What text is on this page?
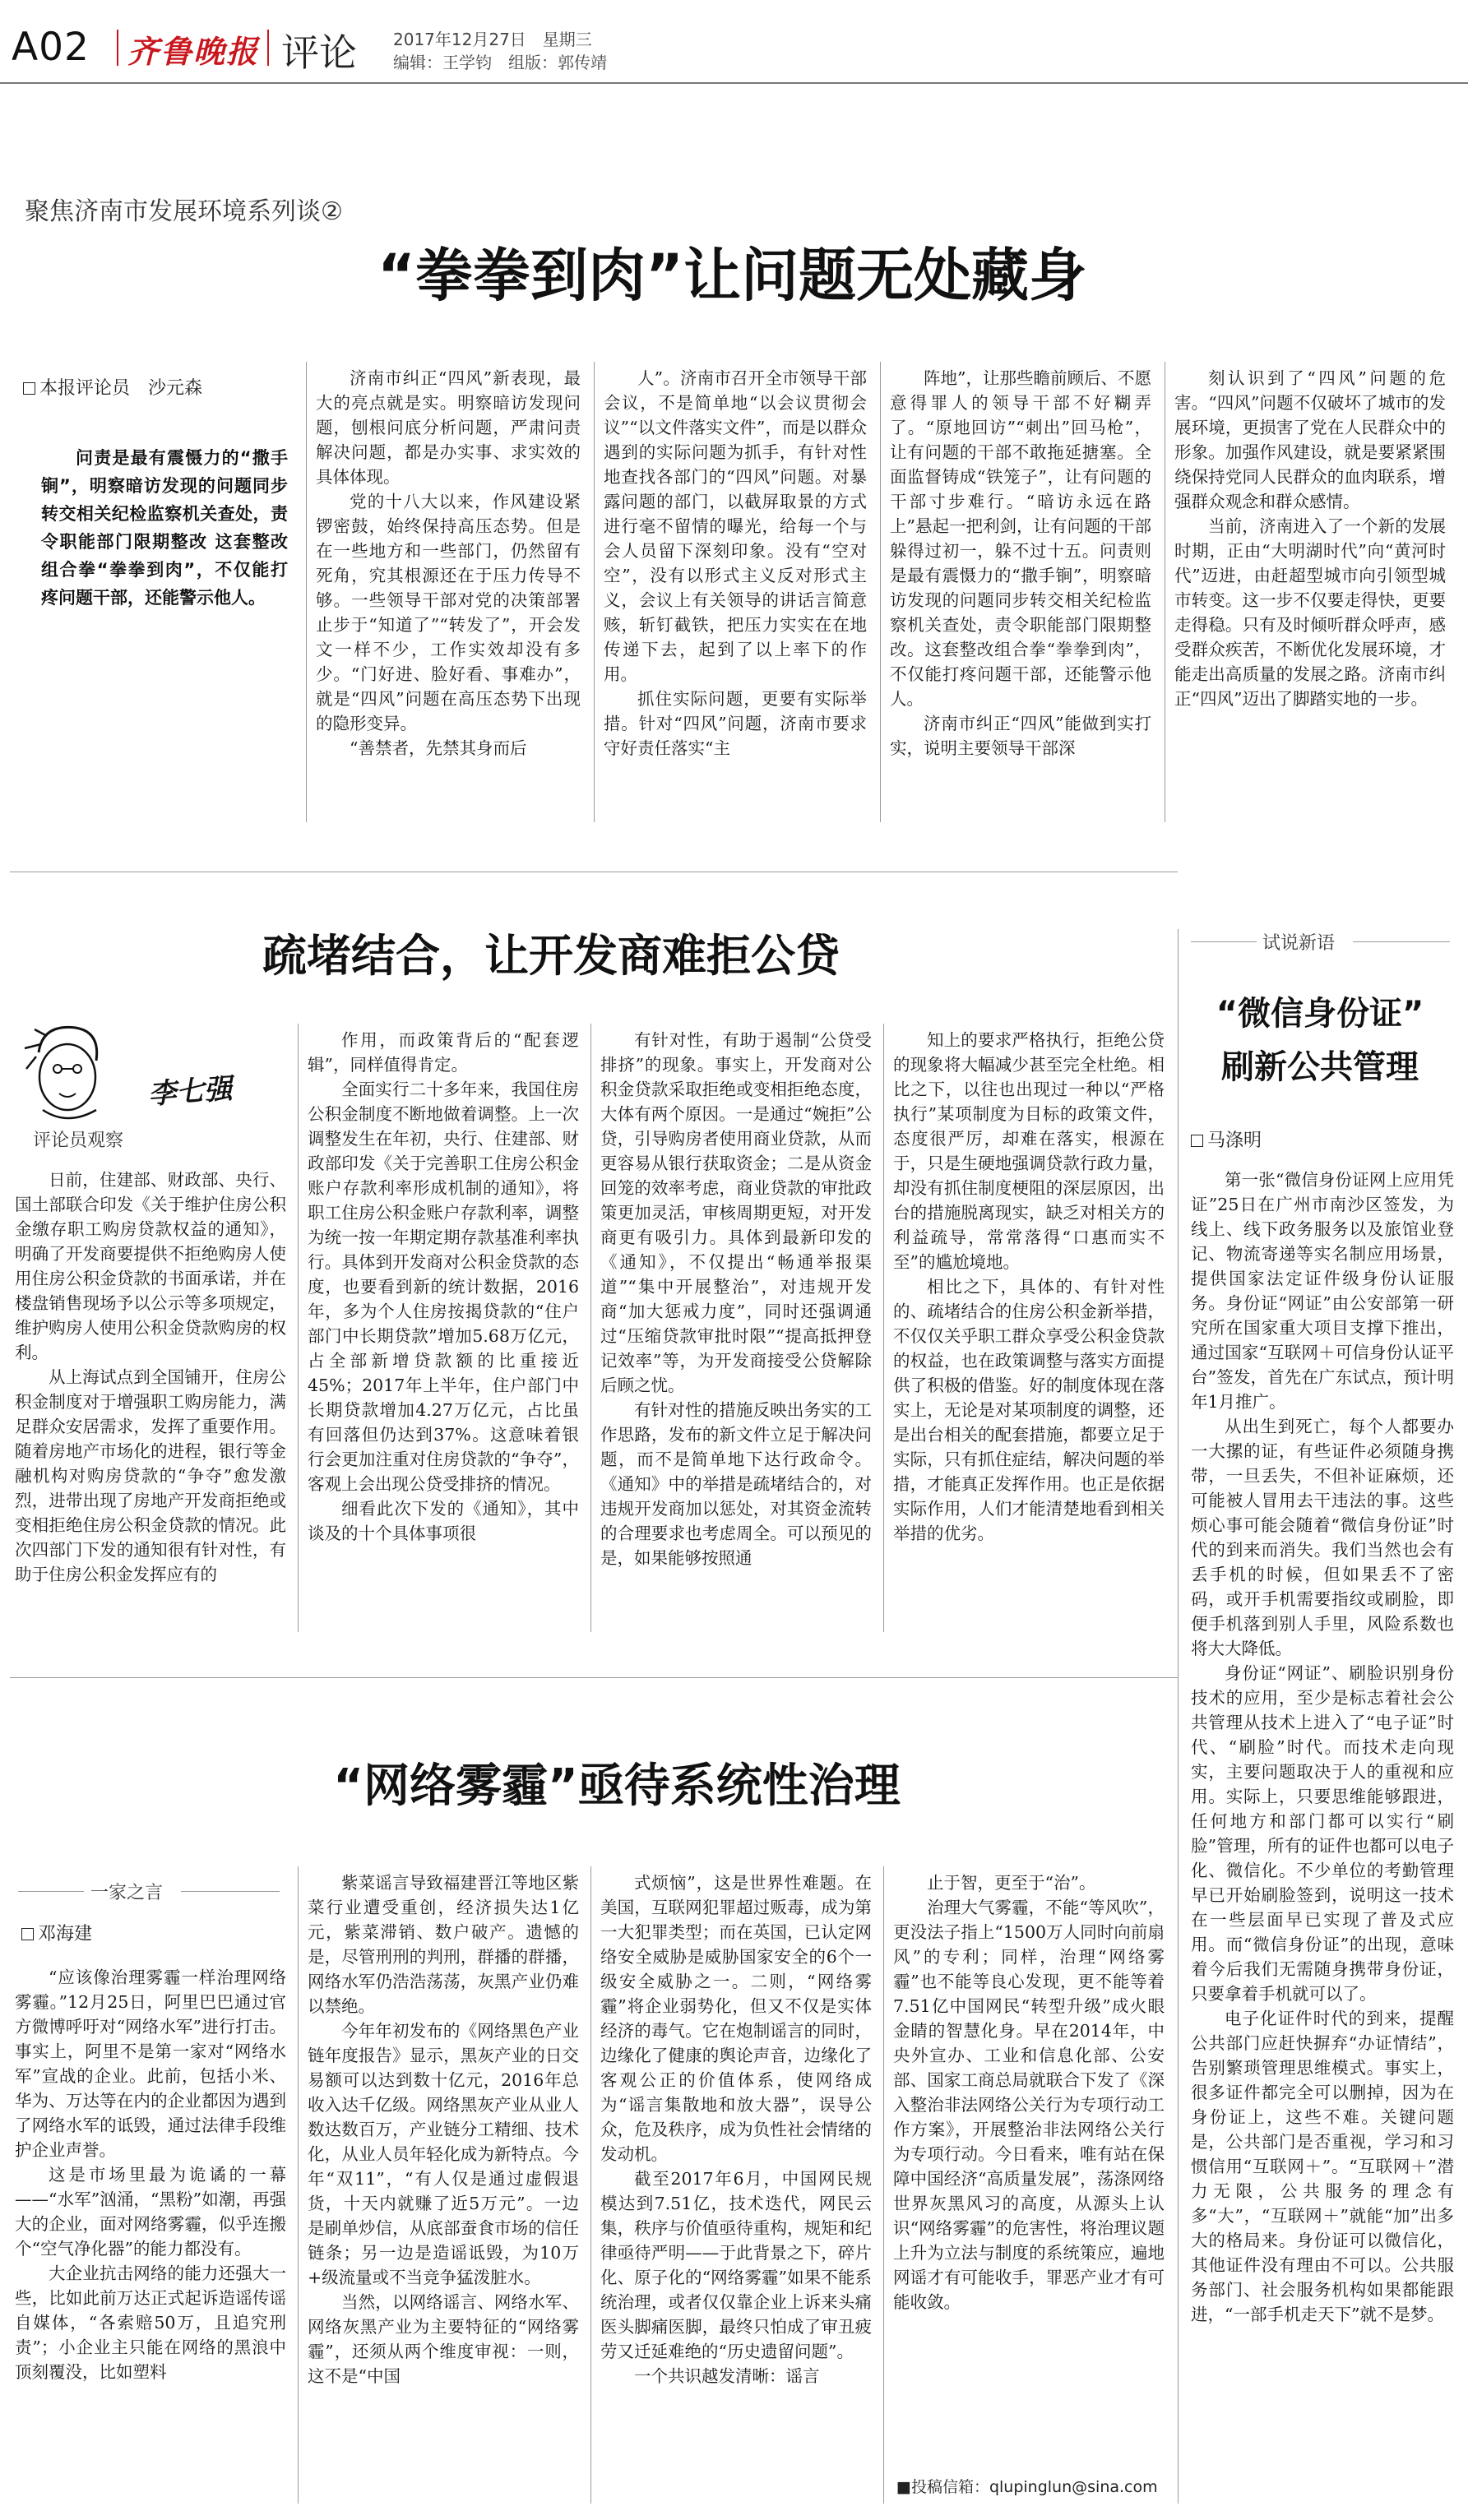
A02 齐鲁晚报 评论 2017年12月27日　星期三
编辑：王学钧　组版：郭传靖
聚焦济南市发展环境系列谈②
“拳拳到肉”让问题无处藏身
本报评论员　沙元森

问责是最有震慑力的“撒手锏”，明察暗访发现的问题同步转交相关纪检监察机关查处，责令职能部门限期整改 这套整改组合拳“拳拳到肉”，不仅能打疼问题干部，还能警示他人。

济南市纠正“四风”新表现，最大的亮点就是实。明察暗访发现问题，刨根问底分析问题，严肃问责解决问题，都是办实事、求实效的具体体现。

党的十八大以来，作风建设紧锣密鼓，始终保持高压态势。但是在一些地方和一些部门，仍然留有死角，究其根源还在于压力传导不够。一些领导干部对党的决策部署止步于“知道了”“转发了”，开会发文一样不少，工作实效却没有多少。“门好进、脸好看、事难办”，就是“四风”问题在高压态势下出现的隐形变异。

“善禁者，先禁其身而后

人”。济南市召开全市领导干部会议，不是简单地“以会议贯彻会议”“以文件落实文件”，而是以群众遇到的实际问题为抓手，有针对性地查找各部门的“四风”问题。对暴露问题的部门，以截屏取景的方式进行毫不留情的曝光，给每一个与会人员留下深刻印象。没有“空对空”，没有以形式主义反对形式主义，会议上有关领导的讲话言简意赅，斩钉截铁，把压力实实在在地传递下去，起到了以上率下的作用。

抓住实际问题，更要有实际举措。针对“四风”问题，济南市要求守好责任落实“主

阵地”，让那些瞻前顾后、不愿意得罪人的领导干部不好糊弄了。“原地回访”“刺出”回马枪”，让有问题的干部不敢拖延搪塞。全面监督铸成“铁笼子”，让有问题的干部寸步难行。“暗访永远在路上”悬起一把利剑，让有问题的干部躲得过初一，躲不过十五。问责则是最有震慑力的“撒手锏”，明察暗访发现的问题同步转交相关纪检监察机关查处，责令职能部门限期整改。这套整改组合拳“拳拳到肉”，不仅能打疼问题干部，还能警示他人。

济南市纠正“四风”能做到实打实，说明主要领导干部深

刻认识到了“四风”问题的危害。“四风”问题不仅破坏了城市的发展环境，更损害了党在人民群众中的形象。加强作风建设，就是要紧紧围绕保持党同人民群众的血肉联系，增强群众观念和群众感情。

当前，济南进入了一个新的发展时期，正由“大明湖时代”向“黄河时代”迈进，由赶超型城市向引领型城市转变。这一步不仅要走得快，更要走得稳。只有及时倾听群众呼声，感受群众疾苦，不断优化发展环境，才能走出高质量的发展之路。济南市纠正“四风”迈出了脚踏实地的一步。

疏堵结合，让开发商难拒公贷
李七强
评论员观察

日前，住建部、财政部、央行、国土部联合印发《关于维护住房公积金缴存职工购房贷款权益的通知》，明确了开发商要提供不拒绝购房人使用住房公积金贷款的书面承诺，并在楼盘销售现场予以公示等多项规定，维护购房人使用公积金贷款购房的权利。

从上海试点到全国铺开，住房公积金制度对于增强职工购房能力，满足群众安居需求，发挥了重要作用。随着房地产市场化的进程，银行等金融机构对购房贷款的“争夺”愈发激烈，进带出现了房地产开发商拒绝或变相拒绝住房公积金贷款的情况。此次四部门下发的通知很有针对性，有助于住房公积金发挥应有的

作用，而政策背后的“配套逻辑”，同样值得肯定。

全面实行二十多年来，我国住房公积金制度不断地做着调整。上一次调整发生在年初，央行、住建部、财政部印发《关于完善职工住房公积金账户存款利率形成机制的通知》，将职工住房公积金账户存款利率，调整为统一按一年期定期存款基准利率执行。具体到开发商对公积金贷款的态度，也要看到新的统计数据，2016年，多为个人住房按揭贷款的“住户部门中长期贷款”增加5.68万亿元，占全部新增贷款额的比重接近45%；2017年上半年，住户部门中长期贷款增加4.27万亿元，占比虽有回落但仍达到37%。这意味着银行会更加注重对住房贷款的“争夺”，客观上会出现公贷受排挤的情况。

细看此次下发的《通知》，其中谈及的十个具体事项很

有针对性，有助于遏制“公贷受排挤”的现象。事实上，开发商对公积金贷款采取拒绝或变相拒绝态度，大体有两个原因。一是通过“婉拒”公贷，引导购房者使用商业贷款，从而更容易从银行获取资金；二是从资金回笼的效率考虑，商业贷款的审批政策更加灵活，审核周期更短，对开发商更有吸引力。具体到最新印发的《通知》，不仅提出“畅通举报渠道”“集中开展整治”，对违规开发商“加大惩戒力度”，同时还强调通过“压缩贷款审批时限”“提高抵押登记效率”等，为开发商接受公贷解除后顾之忧。

有针对性的措施反映出务实的工作思路，发布的新文件立足于解决问题，而不是简单地下达行政命令。《通知》中的举措是疏堵结合的，对违规开发商加以惩处，对其资金流转的合理要求也考虑周全。可以预见的是，如果能够按照通

知上的要求严格执行，拒绝公贷的现象将大幅减少甚至完全杜绝。相比之下，以往也出现过一种以“严格执行”某项制度为目标的政策文件，态度很严厉，却难在落实，根源在于，只是生硬地强调贷款行政力量，却没有抓住制度梗阻的深层原因，出台的措施脱离现实，缺乏对相关方的利益疏导，常常落得“口惠而实不至”的尴尬境地。

相比之下，具体的、有针对性的、疏堵结合的住房公积金新举措，不仅仅关乎职工群众享受公积金贷款的权益，也在政策调整与落实方面提供了积极的借鉴。好的制度体现在落实上，无论是对某项制度的调整，还是出台相关的配套措施，都要立足于实际，只有抓住症结，解决问题的举措，才能真正发挥作用。也正是依据实际作用，人们才能清楚地看到相关举措的优劣。

“网络雾霾”亟待系统性治理
一家之言
邓海建

“应该像治理雾霾一样治理网络雾霾。”12月25日，阿里巴巴通过官方微博呼吁对“网络水军”进行打击。事实上，阿里不是第一家对“网络水军”宣战的企业。此前，包括小米、华为、万达等在内的企业都因为遇到了网络水军的诋毁，通过法律手段维护企业声誉。

这是市场里最为诡谲的一幕——“水军”汹涌，“黑粉”如潮，再强大的企业，面对网络雾霾，似乎连搬个“空气净化器”的能力都没有。

大企业抗击网络的能力还强大一些，比如此前万达正式起诉造谣传谣自媒体，“各索赔50万，且追究刑责”；小企业主只能在网络的黑浪中顶刻覆没，比如塑料

紫菜谣言导致福建晋江等地区紫菜行业遭受重创，经济损失达1亿元，紫菜滞销、数户破产。遗憾的是，尽管刑刑的判刑，群播的群播，网络水军仍浩浩荡荡，灰黑产业仍难以禁绝。

今年年初发布的《网络黑色产业链年度报告》显示，黑灰产业的日交易额可以达到数十亿元，2016年总收入达千亿级。网络黑灰产业从业人数达数百万，产业链分工精细、技术化，从业人员年轻化成为新特点。今年“双11”，“有人仅是通过虚假退货，十天内就赚了近5万元”。一边是刷单炒信，从底部蚕食市场的信任链条；另一边是造谣诋毁，为10万+级流量或不当竞争猛泼脏水。

当然，以网络谣言、网络水军、网络灰黑产业为主要特征的“网络雾霾”，还须从两个维度审视：一则，这不是“中国

式烦恼”，这是世界性难题。在美国，互联网犯罪超过贩毒，成为第一大犯罪类型；而在英国，已认定网络安全威胁是威胁国家安全的6个一级安全威胁之一。二则，“网络雾霾”将企业弱势化，但又不仅是实体经济的毒气。它在炮制谣言的同时，边缘化了健康的舆论声音，边缘化了客观公正的价值体系，使网络成为“谣言集散地和放大器”，误导公众，危及秩序，成为负性社会情绪的发动机。

截至2017年6月，中国网民规模达到7.51亿，技术迭代，网民云集，秩序与价值亟待重构，规矩和纪律亟待严明——于此背景之下，碎片化、原子化的“网络雾霾”如果不能系统治理，或者仅仅靠企业上诉来头痛医头脚痛医脚，最终只怕成了审丑疲劳又迁延难绝的“历史遗留问题”。

一个共识越发清晰：谣言

止于智，更至于“治”。

治理大气雾霾，不能“等风吹”，更没法子指上“1500万人同时向前扇风”的专利；同样，治理“网络雾霾”也不能等良心发现，更不能等着7.51亿中国网民“转型升级”成火眼金睛的智慧化身。早在2014年，中央外宣办、工业和信息化部、公安部、国家工商总局就联合下发了《深入整治非法网络公关行为专项行动工作方案》，开展整治非法网络公关行为专项行动。今日看来，唯有站在保障中国经济“高质量发展”，荡涤网络世界灰黑风习的高度，从源头上认识“网络雾霾”的危害性，将治理议题上升为立法与制度的系统策应，遍地网谣才有可能收手，罪恶产业才有可能收敛。

■投稿信箱：qlupinglun@sina.com
试说新语
“微信身份证”
刷新公共管理
马涤明

第一张“微信身份证网上应用凭证”25日在广州市南沙区签发，为线上、线下政务服务以及旅馆业登记、物流寄递等实名制应用场景，提供国家法定证件级身份认证服务。身份证“网证”由公安部第一研究所在国家重大项目支撑下推出，通过国家“互联网＋可信身份认证平台”签发，首先在广东试点，预计明年1月推广。

从出生到死亡，每个人都要办一大摞的证，有些证件必须随身携带，一旦丢失，不但补证麻烦，还可能被人冒用去干违法的事。这些烦心事可能会随着“微信身份证”时代的到来而消失。我们当然也会有丢手机的时候，但如果丢不了密码，或开手机需要指纹或刷脸，即便手机落到别人手里，风险系数也将大大降低。

身份证“网证”、刷脸识别身份技术的应用，至少是标志着社会公共管理从技术上进入了“电子证”时代、“刷脸”时代。而技术走向现实，主要问题取决于人的重视和应用。实际上，只要思维能够跟进，任何地方和部门都可以实行“刷脸”管理，所有的证件也都可以电子化、微信化。不少单位的考勤管理早已开始刷脸签到，说明这一技术在一些层面早已实现了普及式应用。而“微信身份证”的出现，意味着今后我们无需随身携带身份证，只要拿着手机就可以了。

电子化证件时代的到来，提醒公共部门应赶快摒弃“办证情结”，告别繁琐管理思维模式。事实上，很多证件都完全可以删掉，因为在身份证上，这些不难。关键问题是，公共部门是否重视，学习和习惯信用“互联网＋”。“互联网＋”潜力无限，公共服务的理念有多“大”，“互联网＋”就能“加”出多大的格局来。身份证可以微信化，其他证件没有理由不可以。公共服务部门、社会服务机构如果都能跟进，“一部手机走天下”就不是梦。
